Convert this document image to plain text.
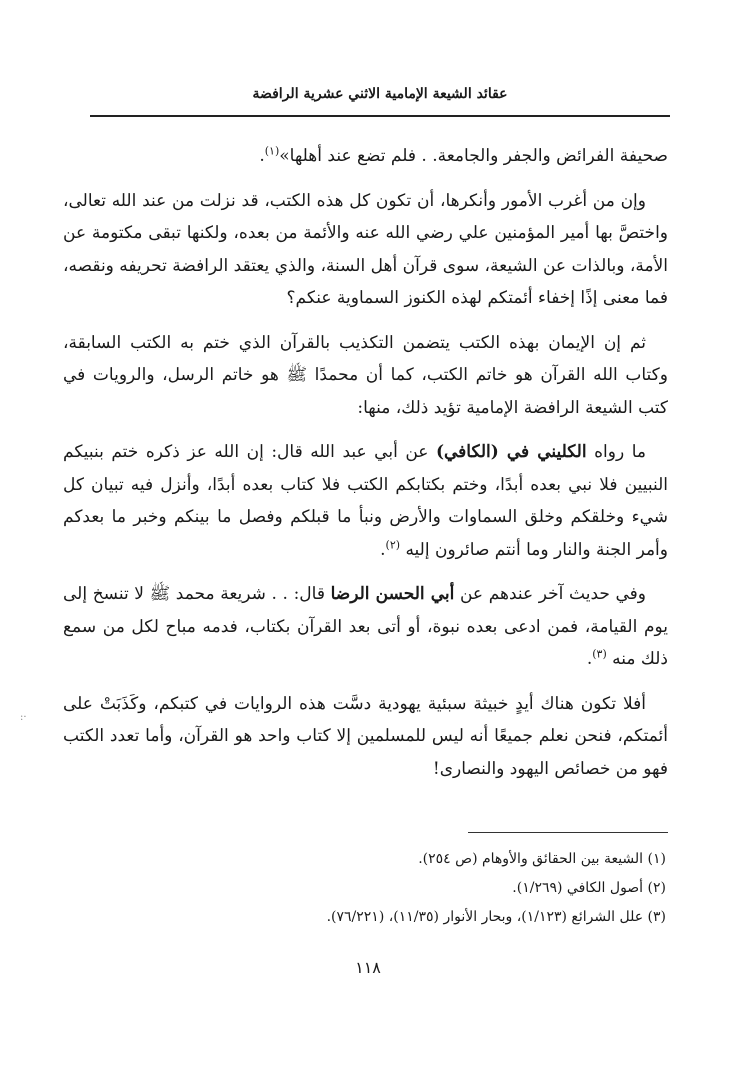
عقائد الشيعة الإمامية الاثني عشرية الرافضة

صحيفة الفرائض والجفر والجامعة. . فلم تضع عند أهلها»$^{(١)}$.

وإن من أغرب الأمور وأنكرها، أن تكون كل هذه الكتب، قد نزلت من عند الله تعالى، واختصَّ بها أمير المؤمنين علي رضي الله عنه والأئمة من بعده، ولكنها تبقى مكتومة عن الأمة، وبالذات عن الشيعة، سوى قرآن أهل السنة، والذي يعتقد الرافضة تحريفه ونقصه، فما معنى إذًا إخفاء أئمتكم لهذه الكنوز السماوية عنكم؟

ثم إن الإيمان بهذه الكتب يتضمن التكذيب بالقرآن الذي ختم به الكتب السابقة، وكتاب الله القرآن هو خاتم الكتب، كما أن محمدًا ﷺ هو خاتم الرسل، والرويات في كتب الشيعة الرافضة الإمامية تؤيد ذلك، منها:

ما رواه الكليني في (الكافي) عن أبي عبد الله قال: إن الله عز ذكره ختم بنبيكم النبيين فلا نبي بعده أبدًا، وختم بكتابكم الكتب فلا كتاب بعده أبدًا، وأنزل فيه تبيان كل شيء وخلقكم وخلق السماوات والأرض ونبأ ما قبلكم وفصل ما بينكم وخبر ما بعدكم وأمر الجنة والنار وما أنتم صائرون إليه $^{(٢)}$.

وفي حديث آخر عندهم عن أبي الحسن الرضا قال: . . شريعة محمد ﷺ لا تنسخ إلى يوم القيامة، فمن ادعى بعده نبوة، أو أتى بعد القرآن بكتاب، فدمه مباح لكل من سمع ذلك منه $^{(٣)}$.

أفلا تكون هناك أيدٍ خبيثة سبئية يهودية دسَّت هذه الروايات في كتبكم، وكَذَبَتْ على أئمتكم، فنحن نعلم جميعًا أنه ليس للمسلمين إلا كتاب واحد هو القرآن، وأما تعدد الكتب فهو من خصائص اليهود والنصارى!

·:
(١) الشيعة بين الحقائق والأوهام (ص ٢٥٤).
(٢) أصول الكافي (١/٢٦٩).
(٣) علل الشرائع (١/١٢٣)، وبحار الأنوار (١١/٣٥)، (٧٦/٢٢١).
١١٨
